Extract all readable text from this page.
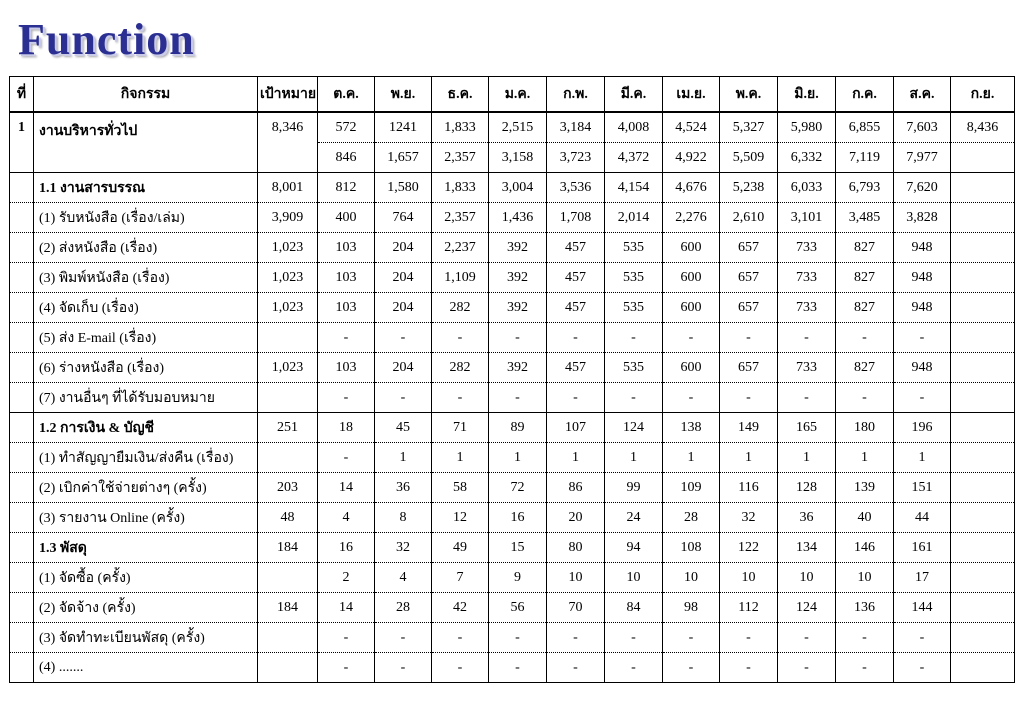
Function
ที่	กิจกรรม	เป้าหมาย	ต.ค.	พ.ย.	ธ.ค.	ม.ค.	ก.พ.	มี.ค.	เม.ย.	พ.ค.	มิ.ย.	ก.ค.	ส.ค.	ก.ย.
1	งานบริหารทั่วไป	8,346	572	1241	1,833	2,515	3,184	4,008	4,524	5,327	5,980	6,855	7,603	8,436
			846	1,657	2,357	3,158	3,723	4,372	4,922	5,509	6,332	7,119	7,977	
	1.1 งานสารบรรณ	8,001	812	1,580	1,833	3,004	3,536	4,154	4,676	5,238	6,033	6,793	7,620	
	(1) รับหนังสือ (เรื่อง/เล่ม)	3,909	400	764	2,357	1,436	1,708	2,014	2,276	2,610	3,101	3,485	3,828	
	(2) ส่งหนังสือ (เรื่อง)	1,023	103	204	2,237	392	457	535	600	657	733	827	948	
	(3) พิมพ์หนังสือ (เรื่อง)	1,023	103	204	1,109	392	457	535	600	657	733	827	948	
	(4) จัดเก็บ (เรื่อง)	1,023	103	204	282	392	457	535	600	657	733	827	948	
	(5) ส่ง E-mail (เรื่อง)		-	-	-	-	-	-	-	-	-	-	-	
	(6) ร่างหนังสือ (เรื่อง)	1,023	103	204	282	392	457	535	600	657	733	827	948	
	(7) งานอื่นๆ ที่ได้รับมอบหมาย		-	-	-	-	-	-	-	-	-	-	-	
	1.2 การเงิน & บัญชี	251	18	45	71	89	107	124	138	149	165	180	196	
	(1) ทำสัญญายืมเงิน/ส่งคืน (เรื่อง)		-	1	1	1	1	1	1	1	1	1	1	
	(2) เบิกค่าใช้จ่ายต่างๆ (ครั้ง)	203	14	36	58	72	86	99	109	116	128	139	151	
	(3) รายงาน Online (ครั้ง)	48	4	8	12	16	20	24	28	32	36	40	44	
	1.3 พัสดุ	184	16	32	49	15	80	94	108	122	134	146	161	
	(1) จัดซื้อ (ครั้ง)		2	4	7	9	10	10	10	10	10	10	17	
	(2) จัดจ้าง (ครั้ง)	184	14	28	42	56	70	84	98	112	124	136	144	
	(3) จัดทำทะเบียนพัสดุ (ครั้ง)		-	-	-	-	-	-	-	-	-	-	-	
	(4) .......		-	-	-	-	-	-	-	-	-	-	-	
